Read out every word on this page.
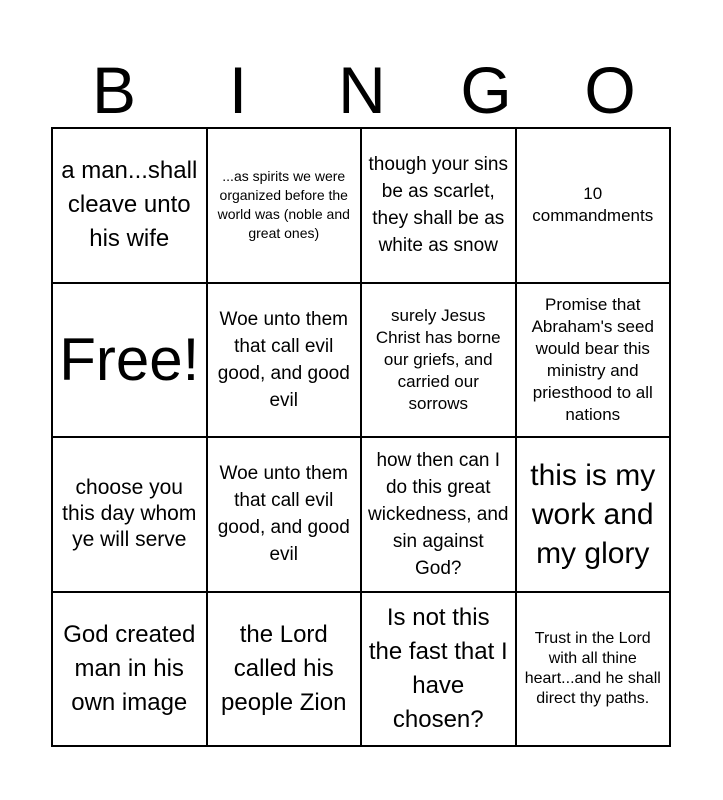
B	I	N	G	O
a man...shall cleave unto his wife
...as spirits we were organized before the world was (noble and great ones)
though your sins be as scarlet, they shall be as white as snow
10 commandments
Free!
Woe unto them that call evil good, and good evil
surely Jesus Christ has borne our griefs, and carried our sorrows
Promise that Abraham's seed would bear this ministry and priesthood to all nations
choose you this day whom ye will serve
Woe unto them that call evil good, and good evil
how then can I do this great wickedness, and sin against God?
this is my work and my glory
God created man in his own image
the Lord called his people Zion
Is not this the fast that I have chosen?
Trust in the Lord with all thine heart...and he shall direct thy paths.
